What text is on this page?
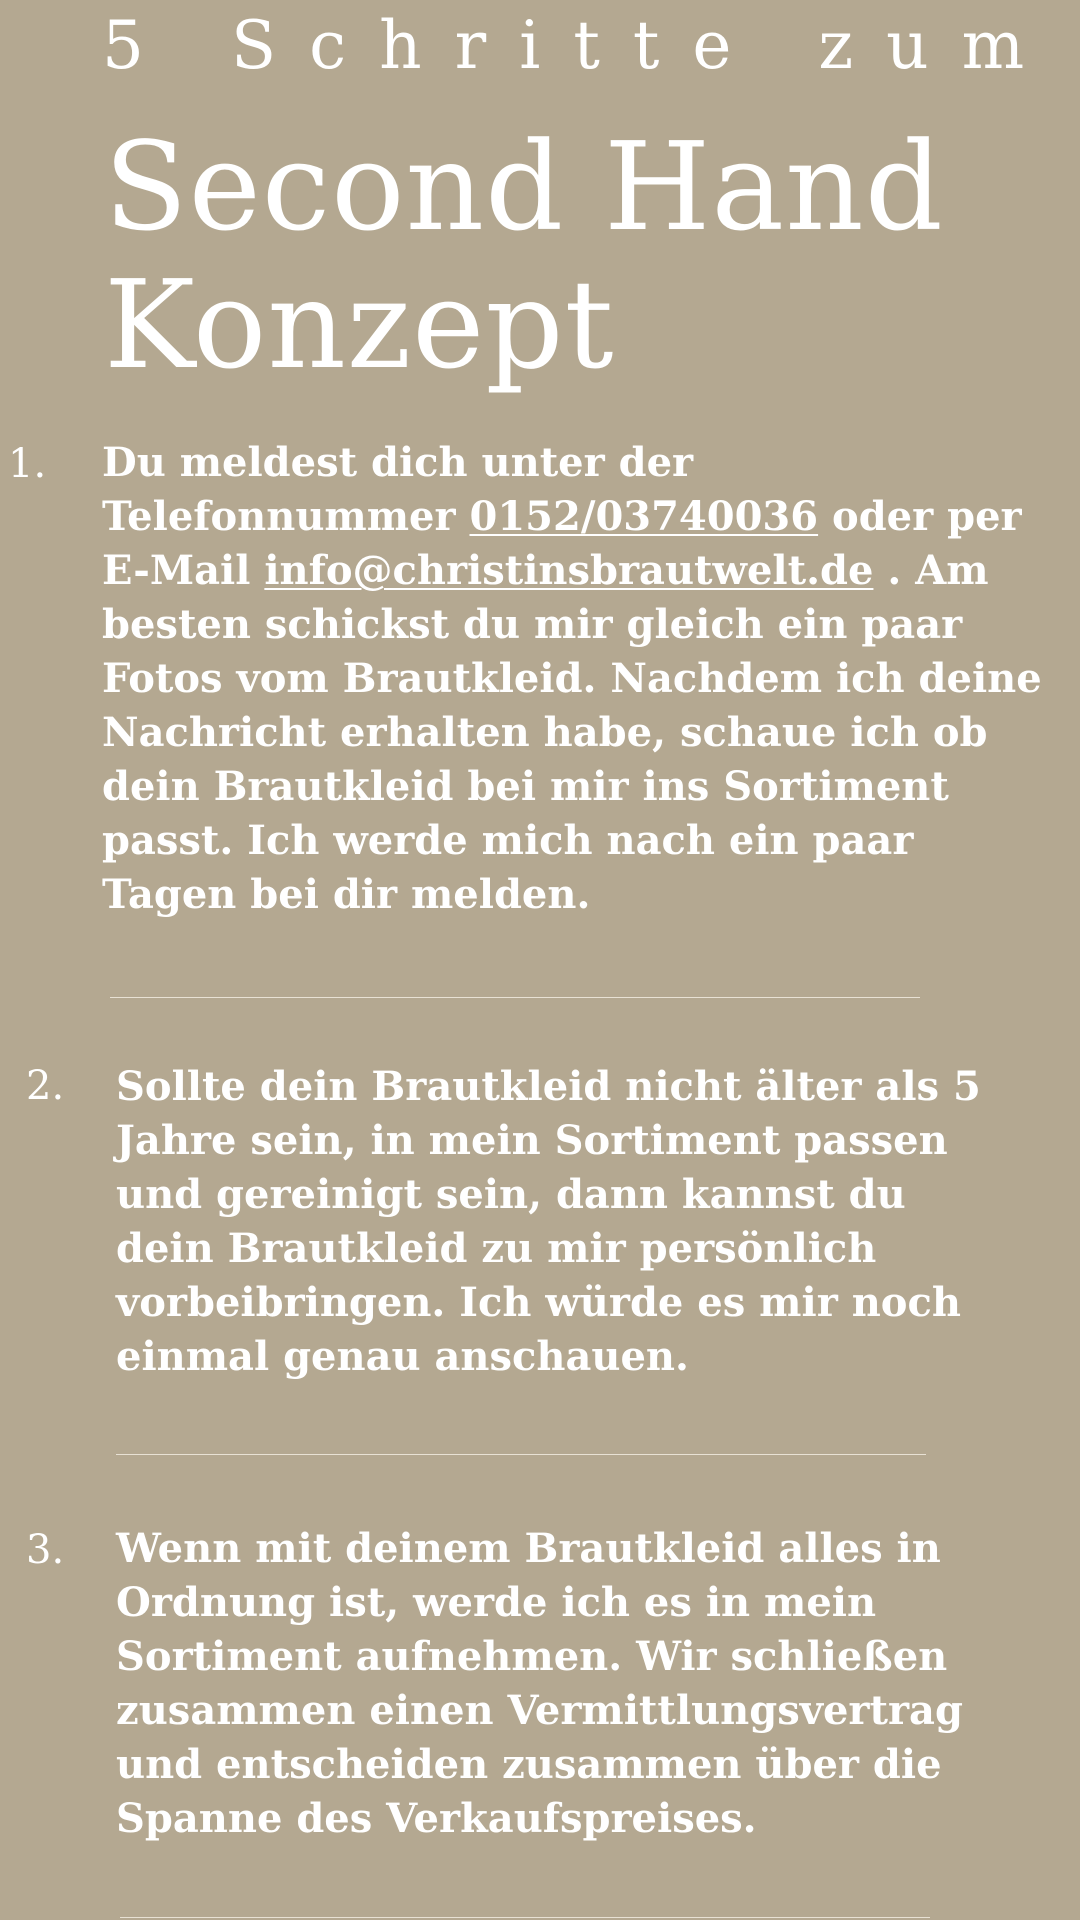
5 Schritte zum
Second Hand
Konzept
1. Du meldest dich unter der Telefonnummer 0152/03740036 oder per E-Mail info@christinsbrautwelt.de . Am besten schickst du mir gleich ein paar Fotos vom Brautkleid. Nachdem ich deine Nachricht erhalten habe, schaue ich ob dein Brautkleid bei mir ins Sortiment passt. Ich werde mich nach ein paar Tagen bei dir melden.

2. Sollte dein Brautkleid nicht älter als 5 Jahre sein, in mein Sortiment passen und gereinigt sein, dann kannst du dein Brautkleid zu mir persönlich vorbeibringen. Ich würde es mir noch einmal genau anschauen.

3. Wenn mit deinem Brautkleid alles in Ordnung ist, werde ich es in mein Sortiment aufnehmen. Wir schließen zusammen einen Vermittlungsvertrag und entscheiden zusammen über die Spanne des Verkaufspreises.
